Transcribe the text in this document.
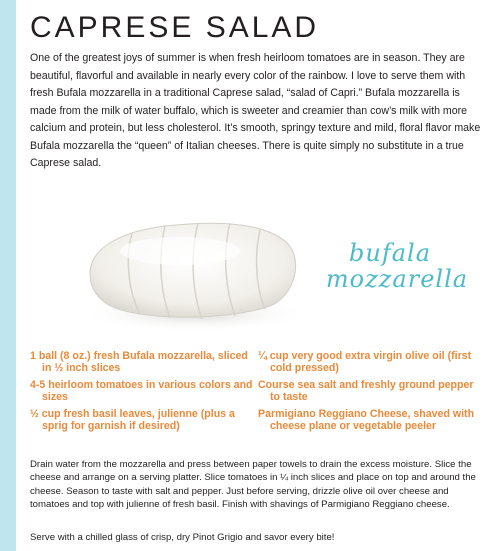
CAPRESE SALAD

One of the greatest joys of summer is when fresh heirloom tomatoes are in season. They are beautiful, flavorful and available in nearly every color of the rainbow. I love to serve them with fresh Bufala mozzarella in a traditional Caprese salad, “salad of Capri.” Bufala mozzarella is made from the milk of water buffalo, which is sweeter and creamier than cow’s milk with more calcium and protein, but less cholesterol. It’s smooth, springy texture and mild, floral flavor make Bufala mozzarella the “queen” of Italian cheeses. There is quite simply no substitute in a true Caprese salad.

bufala
mozzarella
1 ball (8 oz.) fresh Bufala mozzarella, sliced in ½ inch slices
¼ cup very good extra virgin olive oil (first cold pressed)
4-5 heirloom tomatoes in various colors and sizes
Course sea salt and freshly ground pepper to taste
½ cup fresh basil leaves, julienne (plus a sprig for garnish if desired)
Parmigiano Reggiano Cheese, shaved with cheese plane or vegetable peeler

Drain water from the mozzarella and press between paper towels to drain the excess moisture. Slice the cheese and arrange on a serving platter. Slice tomatoes in ¼ inch slices and place on top and around the cheese. Season to taste with salt and pepper. Just before serving, drizzle olive oil over cheese and tomatoes and top with julienne of fresh basil. Finish with shavings of Parmigiano Reggiano cheese.

Serve with a chilled glass of crisp, dry Pinot Grigio and savor every bite!
